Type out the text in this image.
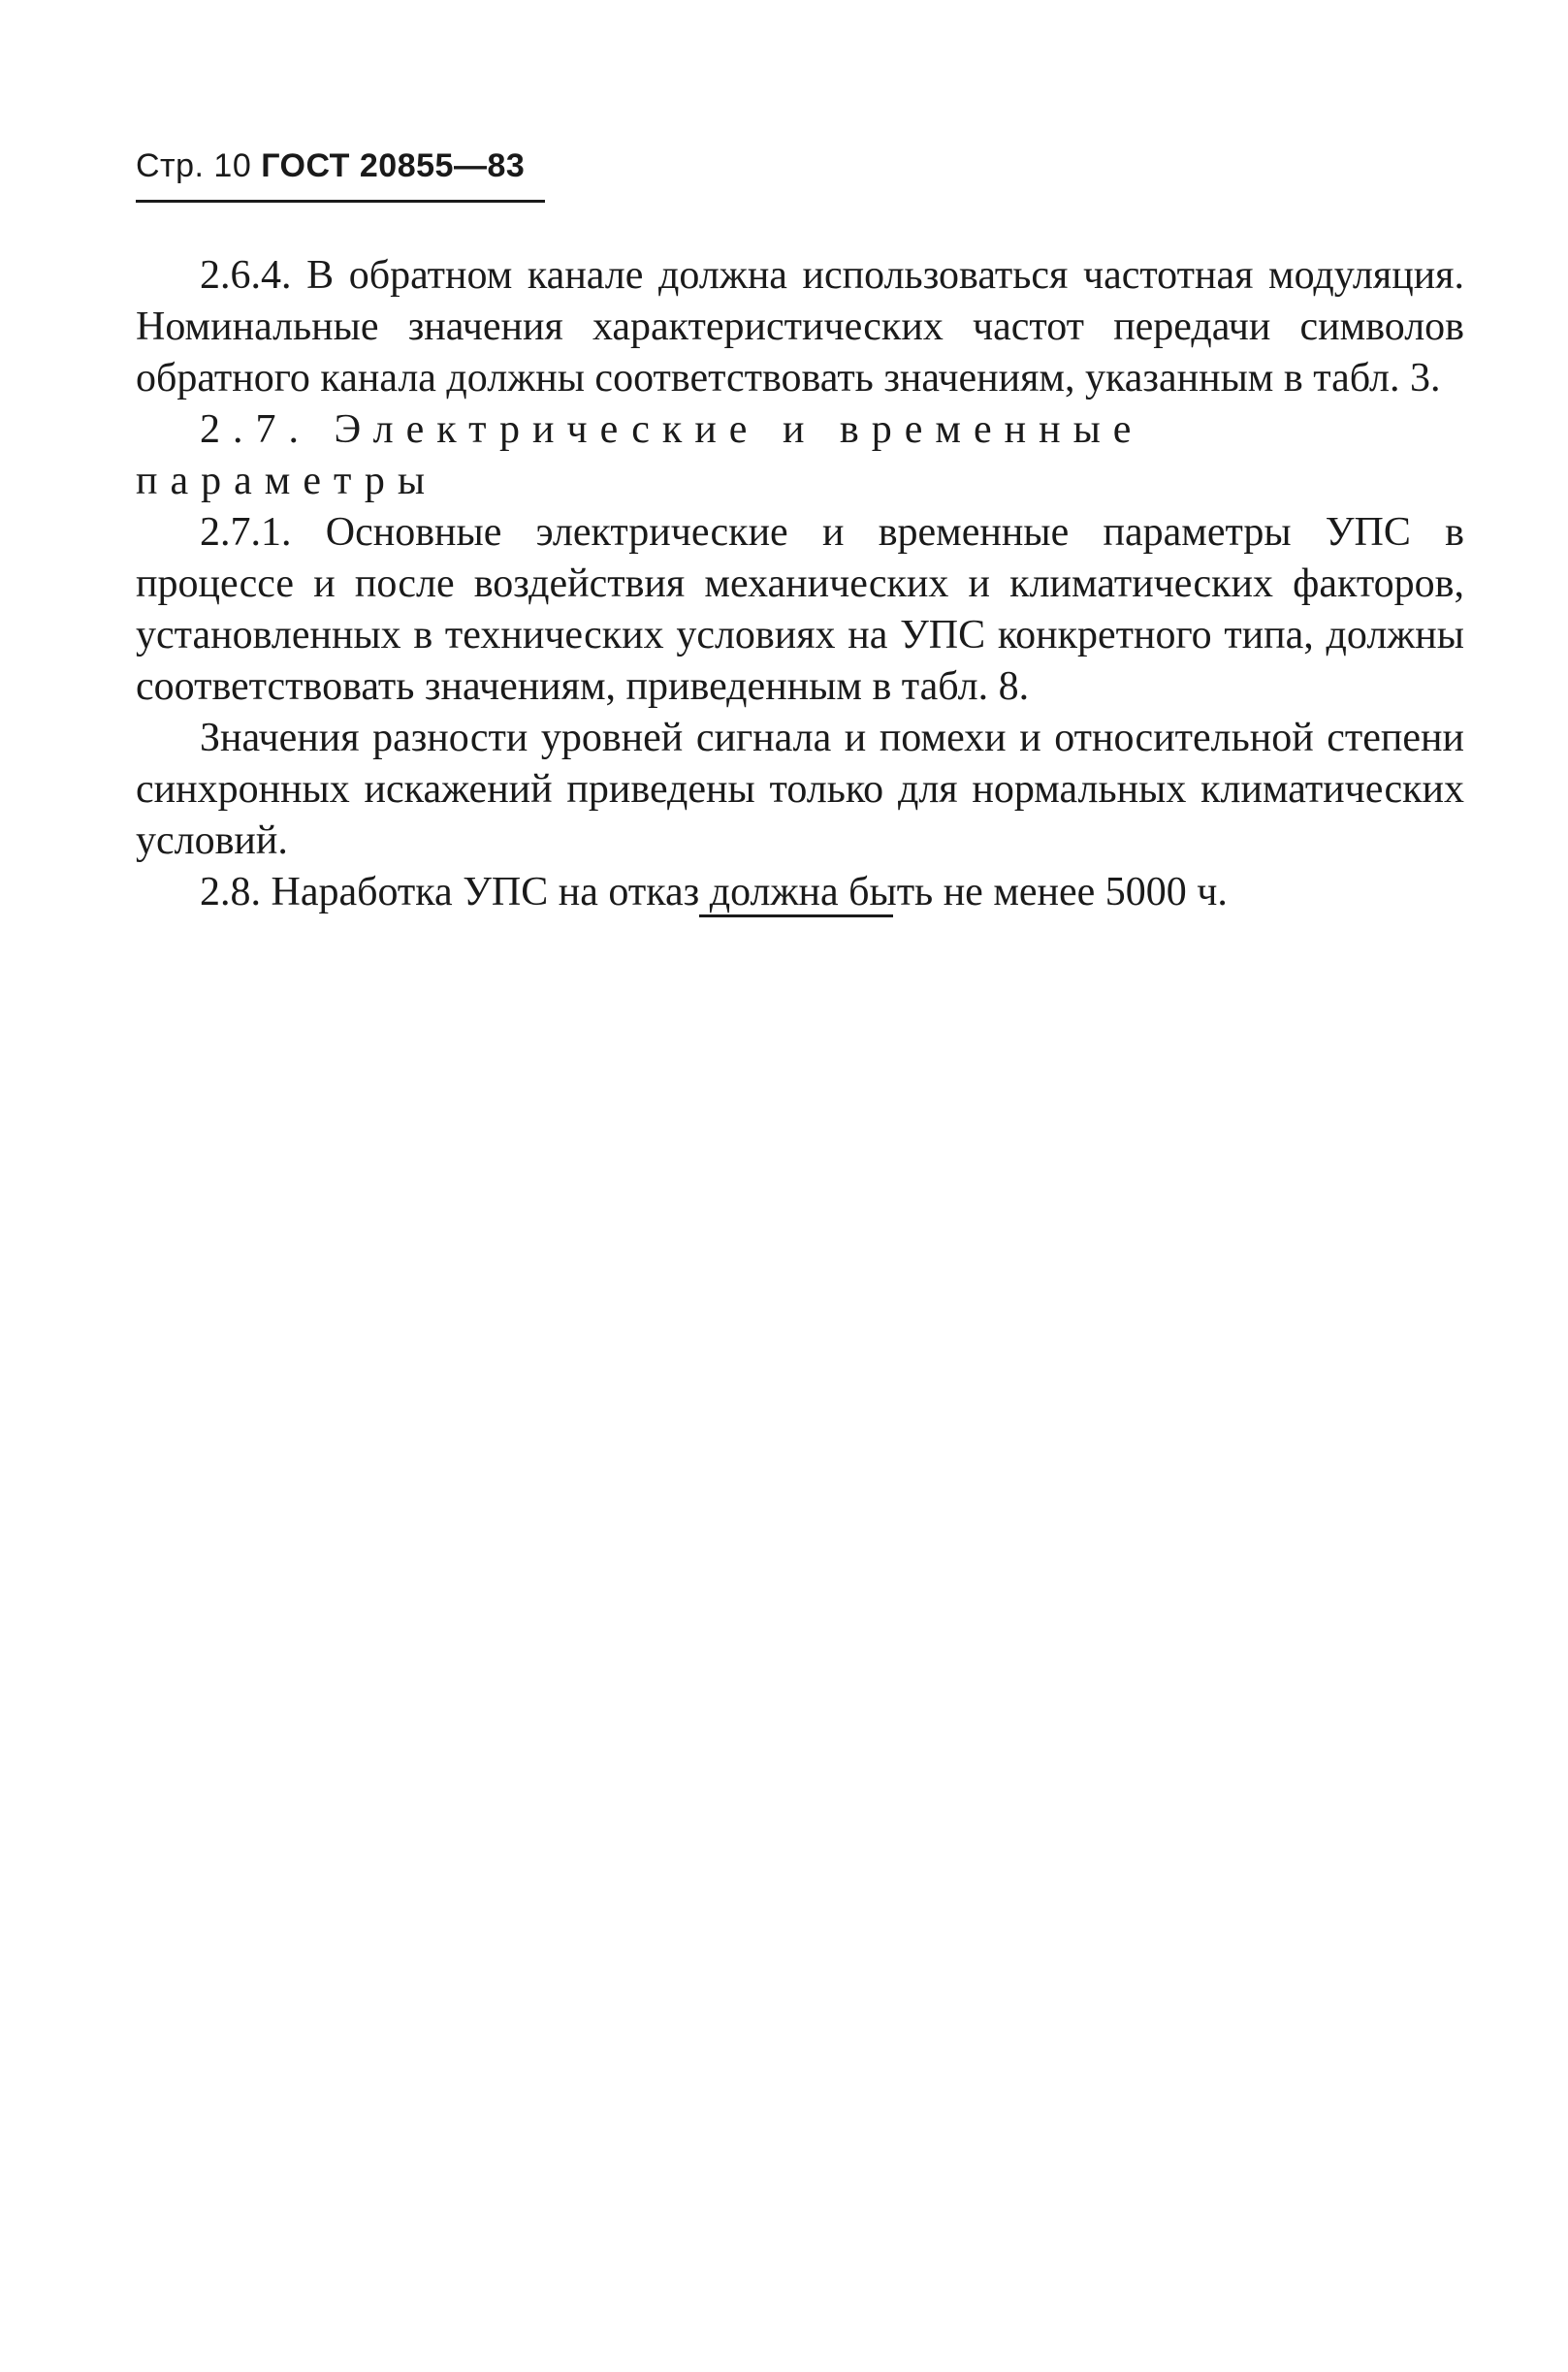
Стр. 10 ГОСТ 20855—83

2.6.4. В обратном канале должна использоваться частотная модуляция. Номинальные значения характеристических частот передачи символов обратного канала должны соответствовать значениям, указанным в табл. 3.

2.7. Электрические и временные параметры

2.7.1. Основные электрические и временные параметры УПС в процессе и после воздействия механических и климатических факторов, установленных в технических условиях на УПС конкретного типа, должны соответствовать значениям, приведенным в табл. 8.

Значения разности уровней сигнала и помехи и относительной степени синхронных искажений приведены только для нормальных климатических условий.

2.8. Наработка УПС на отказ должна быть не менее 5000 ч.
